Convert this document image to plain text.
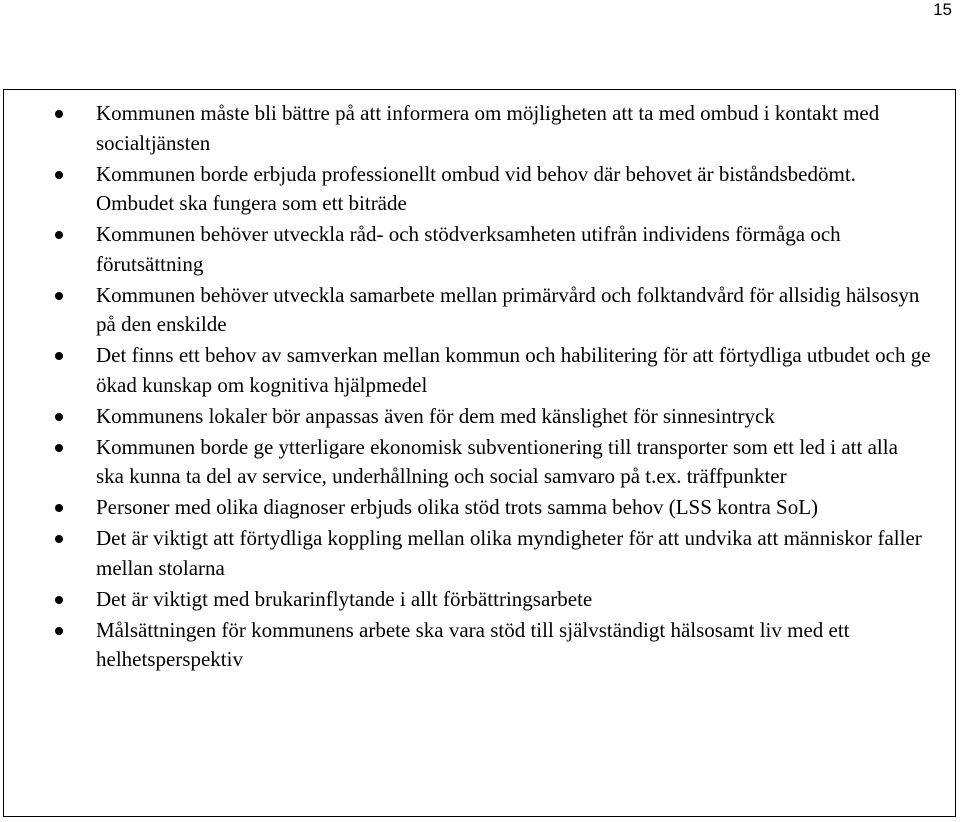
15
Kommunen måste bli bättre på att informera om möjligheten att ta med ombud i kontakt med socialtjänsten
Kommunen borde erbjuda professionellt ombud vid behov där behovet är biståndsbedömt. Ombudet ska fungera som ett biträde
Kommunen behöver utveckla råd- och stödverksamheten utifrån individens förmåga och förutsättning
Kommunen behöver utveckla samarbete mellan primärvård och folktandvård för allsidig hälsosyn på den enskilde
Det finns ett behov av samverkan mellan kommun och habilitering för att förtydliga utbudet och ge ökad kunskap om kognitiva hjälpmedel
Kommunens lokaler bör anpassas även för dem med känslighet för sinnesintryck
Kommunen borde ge ytterligare ekonomisk subventionering till transporter som ett led i att alla ska kunna ta del av service, underhållning och social samvaro på t.ex. träffpunkter
Personer med olika diagnoser erbjuds olika stöd trots samma behov (LSS kontra SoL)
Det är viktigt att förtydliga koppling mellan olika myndigheter för att undvika att människor faller mellan stolarna
Det är viktigt med brukarinflytande i allt förbättringsarbete
Målsättningen för kommunens arbete ska vara stöd till självständigt hälsosamt liv med ett helhetsperspektiv
